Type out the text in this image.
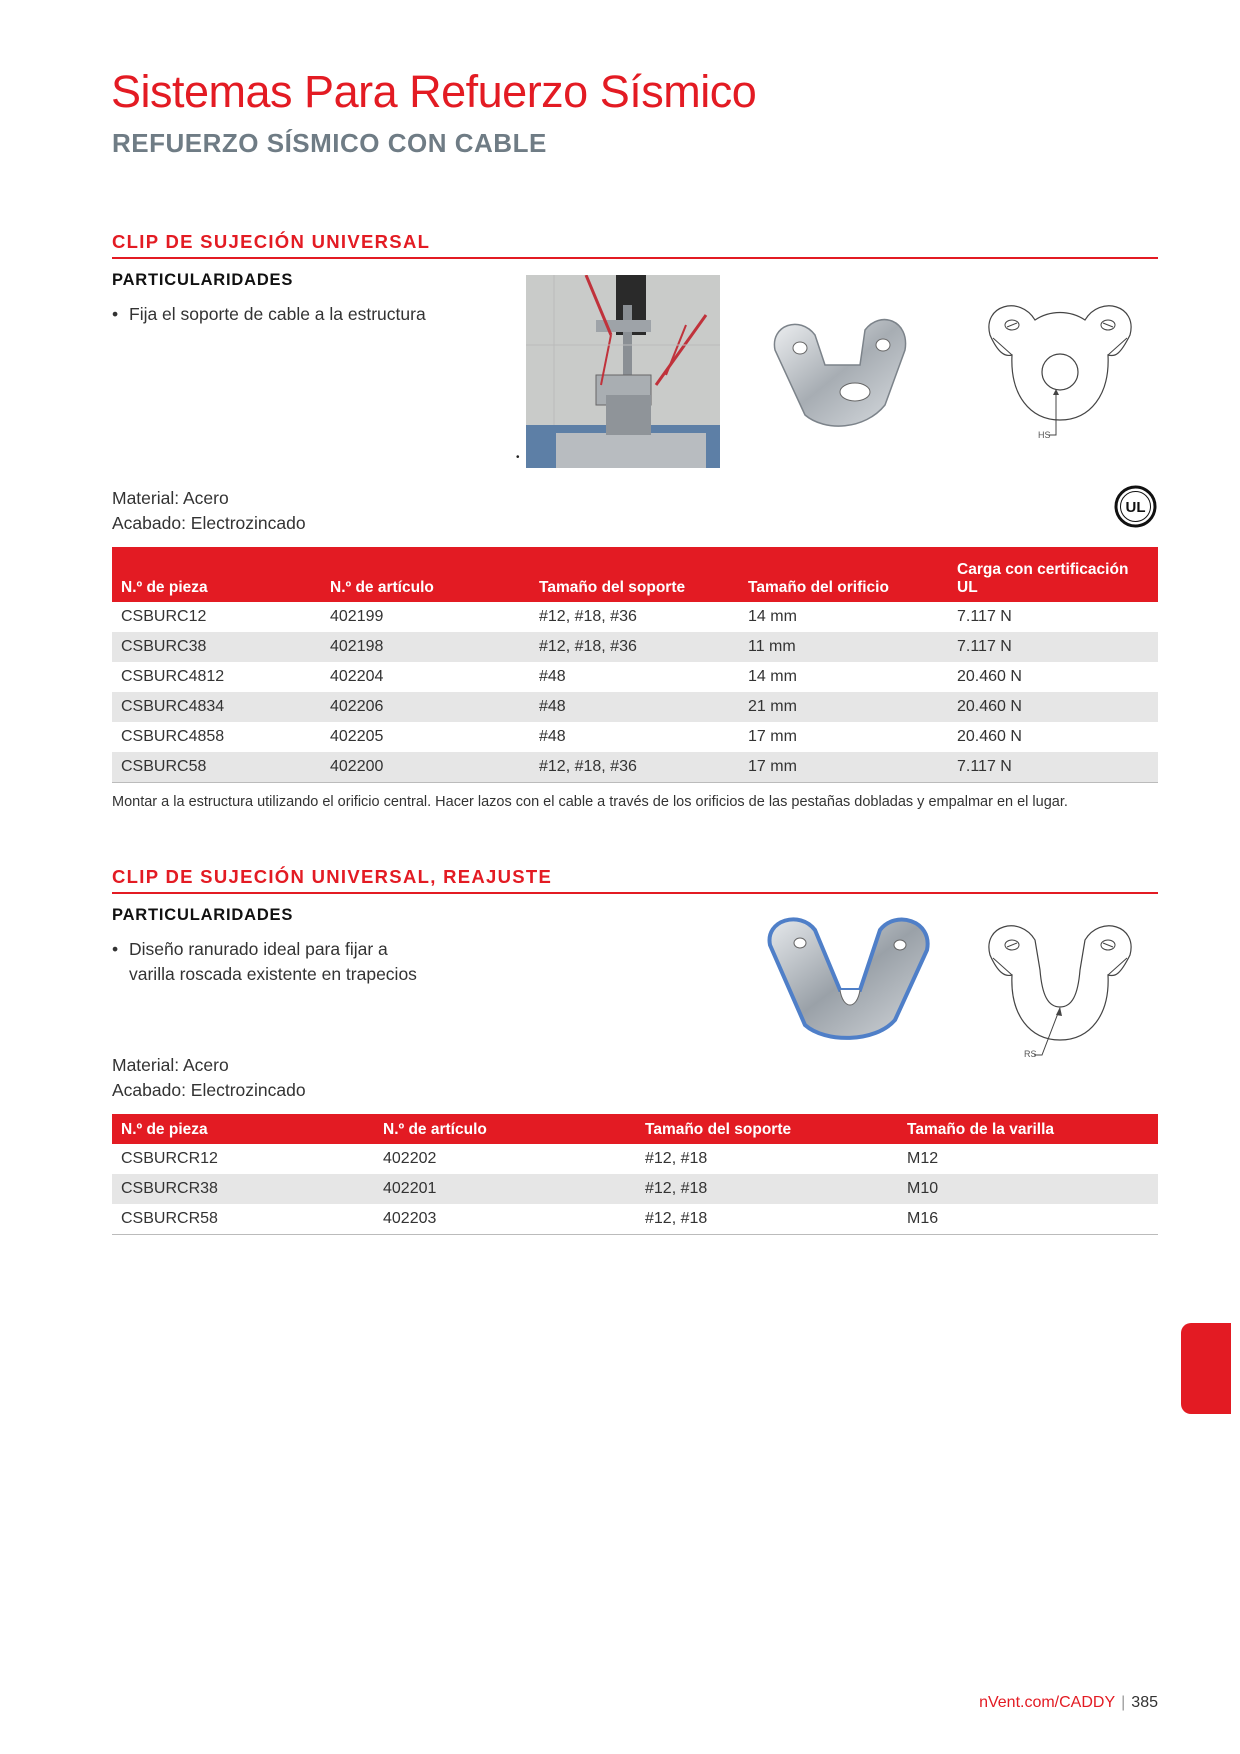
Sistemas Para Refuerzo Sísmico
REFUERZO SÍSMICO CON CABLE
CLIP DE SUJECIÓN UNIVERSAL
PARTICULARIDADES
• Fija el soporte de cable a la estructura
•
HS
Material: Acero
Acabado: Electrozincado
UL
N.º de pieza	N.º de artículo	Tamaño del soporte	Tamaño del orificio	Carga con certificación UL
CSBURC12	402199	#12, #18, #36	14 mm	7.117 N
CSBURC38	402198	#12, #18, #36	11 mm	7.117 N
CSBURC4812	402204	#48	14 mm	20.460 N
CSBURC4834	402206	#48	21 mm	20.460 N
CSBURC4858	402205	#48	17 mm	20.460 N
CSBURC58	402200	#12, #18, #36	17 mm	7.117 N
Montar a la estructura utilizando el orificio central. Hacer lazos con el cable a través de los orificios de las pestañas dobladas y empalmar en el lugar.
CLIP DE SUJECIÓN UNIVERSAL, REAJUSTE
PARTICULARIDADES
• Diseño ranurado ideal para fijar a varilla roscada existente en trapecios
RS
Material: Acero
Acabado: Electrozincado
N.º de pieza	N.º de artículo	Tamaño del soporte	Tamaño de la varilla
CSBURCR12	402202	#12, #18	M12
CSBURCR38	402201	#12, #18	M10
CSBURCR58	402203	#12, #18	M16
nVent.com/CADDY | 385
